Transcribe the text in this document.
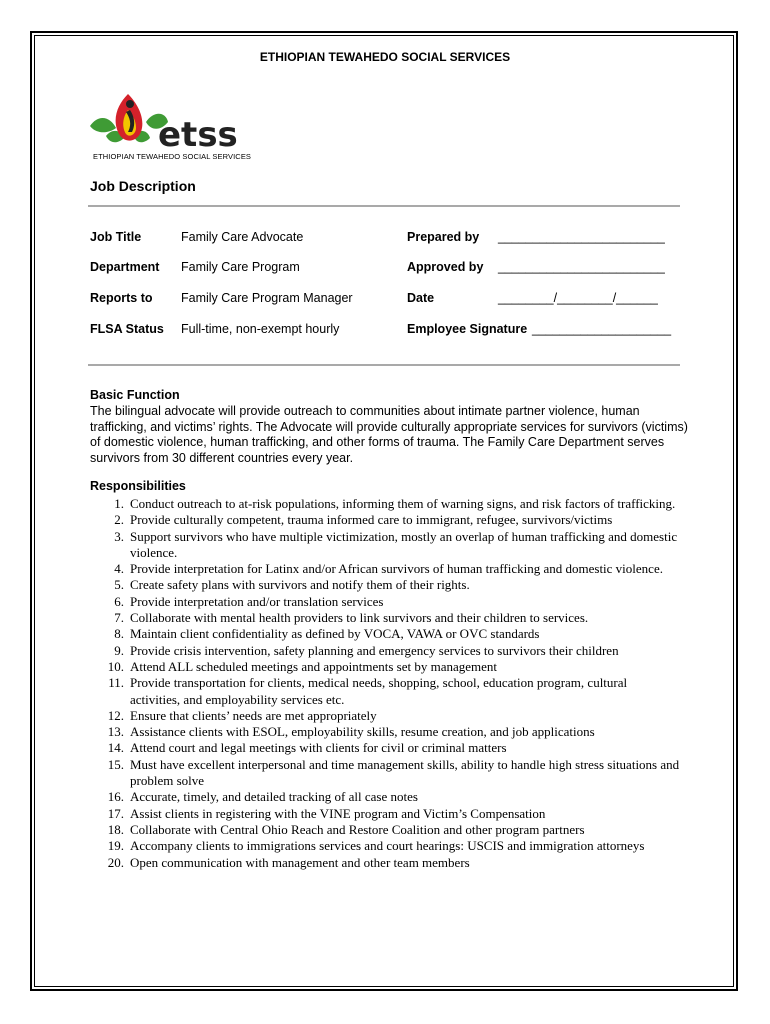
ETHIOPIAN TEWAHEDO SOCIAL SERVICES
etss
ETHIOPIAN TEWAHEDO SOCIAL SERVICES
Job Description
Job Title	Family Care Advocate
Department Family Care Program
Reports to Family Care Program Manager
FLSA Status Full-time, non-exempt hourly
Prepared by ________________________
Approved by ________________________
Date	________/________/______
Employee Signature ____________________
Basic Function
The bilingual advocate will provide outreach to communities about intimate partner violence, human trafficking, and victims’ rights. The Advocate will provide culturally appropriate services for survivors (victims) of domestic violence, human trafficking, and other forms of trauma. The Family Care Department serves survivors from 30 different countries every year.
Responsibilities
1. Conduct outreach to at-risk populations, informing them of warning signs, and risk factors of trafficking.
2. Provide culturally competent, trauma informed care to immigrant, refugee, survivors/victims
3. Support survivors who have multiple victimization, mostly an overlap of human trafficking and domestic violence.
4. Provide interpretation for Latinx and/or African survivors of human trafficking and domestic violence.
5. Create safety plans with survivors and notify them of their rights.
6. Provide interpretation and/or translation services
7. Collaborate with mental health providers to link survivors and their children to services.
8. Maintain client confidentiality as defined by VOCA, VAWA or OVC standards
9. Provide crisis intervention, safety planning and emergency services to survivors their children
10. Attend ALL scheduled meetings and appointments set by management
11. Provide transportation for clients, medical needs, shopping, school, education program, cultural activities, and employability services etc.
12. Ensure that clients’ needs are met appropriately
13. Assistance clients with ESOL, employability skills, resume creation, and job applications
14. Attend court and legal meetings with clients for civil or criminal matters
15. Must have excellent interpersonal and time management skills, ability to handle high stress situations and problem solve
16. Accurate, timely, and detailed tracking of all case notes
17. Assist clients in registering with the VINE program and Victim’s Compensation
18. Collaborate with Central Ohio Reach and Restore Coalition and other program partners
19. Accompany clients to immigrations services and court hearings: USCIS and immigration attorneys
20. Open communication with management and other team members
